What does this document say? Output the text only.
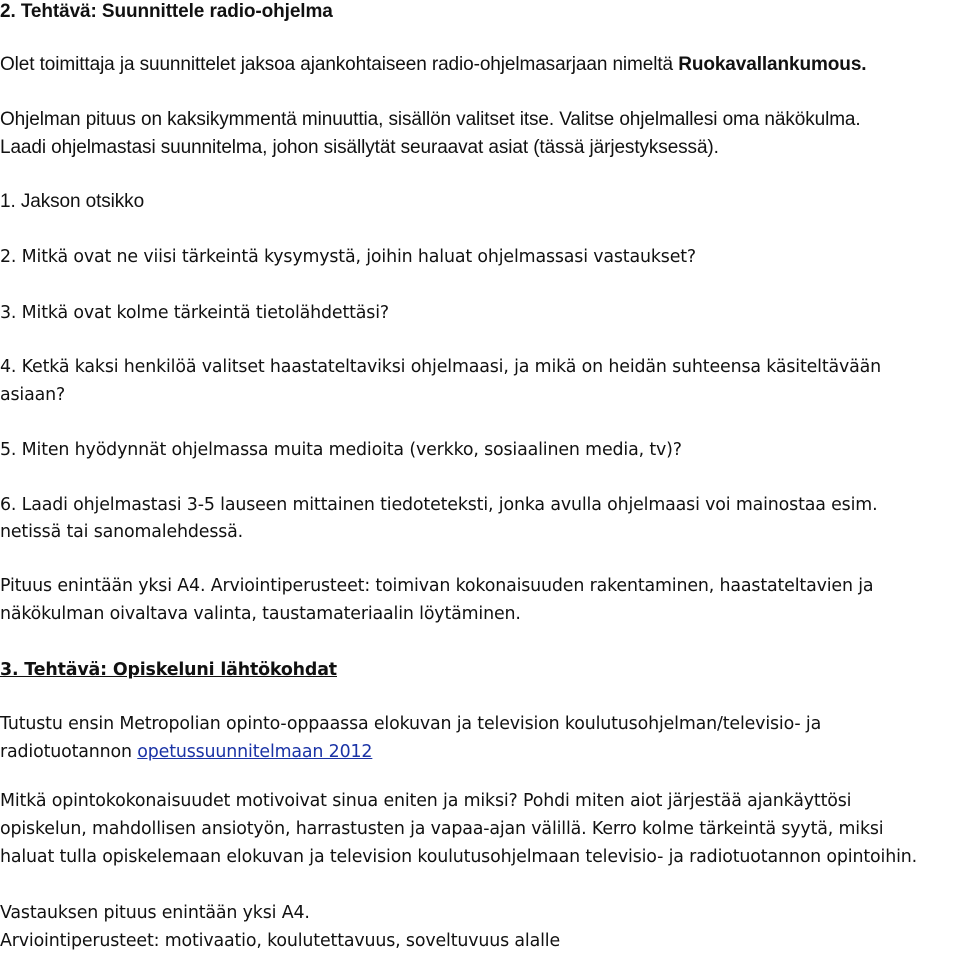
2. Tehtävä: Suunnittele radio-ohjelma
Olet toimittaja ja suunnittelet jaksoa ajankohtaiseen radio-ohjelmasarjaan nimeltä Ruokavallankumous.
Ohjelman pituus on kaksikymmentä minuuttia, sisällön valitset itse. Valitse ohjelmallesi oma näkökulma.
Laadi ohjelmastasi suunnitelma, johon sisällytät seuraavat asiat (tässä järjestyksessä).
1. Jakson otsikko
2. Mitkä ovat ne viisi tärkeintä kysymystä, joihin haluat ohjelmassasi vastaukset?
3. Mitkä ovat kolme tärkeintä tietolähdettäsi?
4. Ketkä kaksi henkilöä valitset haastateltaviksi ohjelmaasi, ja mikä on heidän suhteensa käsiteltävään
asiaan?
5. Miten hyödynnät ohjelmassa muita medioita (verkko, sosiaalinen media, tv)?
6. Laadi ohjelmastasi 3-5 lauseen mittainen tiedoteteksti, jonka avulla ohjelmaasi voi mainostaa esim.
netissä tai sanomalehdessä.
Pituus enintään yksi A4. Arviointiperusteet: toimivan kokonaisuuden rakentaminen, haastateltavien ja
näkökulman oivaltava valinta, taustamateriaalin löytäminen.
3. Tehtävä: Opiskeluni lähtökohdat
Tutustu ensin Metropolian opinto-oppaassa elokuvan ja television koulutusohjelman/televisio- ja
radiotuotannon opetussuunnitelmaan 2012
Mitkä opintokokonaisuudet motivoivat sinua eniten ja miksi? Pohdi miten aiot järjestää ajankäyttösi
opiskelun, mahdollisen ansiotyön, harrastusten ja vapaa-ajan välillä. Kerro kolme tärkeintä syytä, miksi
haluat tulla opiskelemaan elokuvan ja television koulutusohjelmaan televisio- ja radiotuotannon opintoihin.
Vastauksen pituus enintään yksi A4.
Arviointiperusteet: motivaatio, koulutettavuus, soveltuvuus alalle
